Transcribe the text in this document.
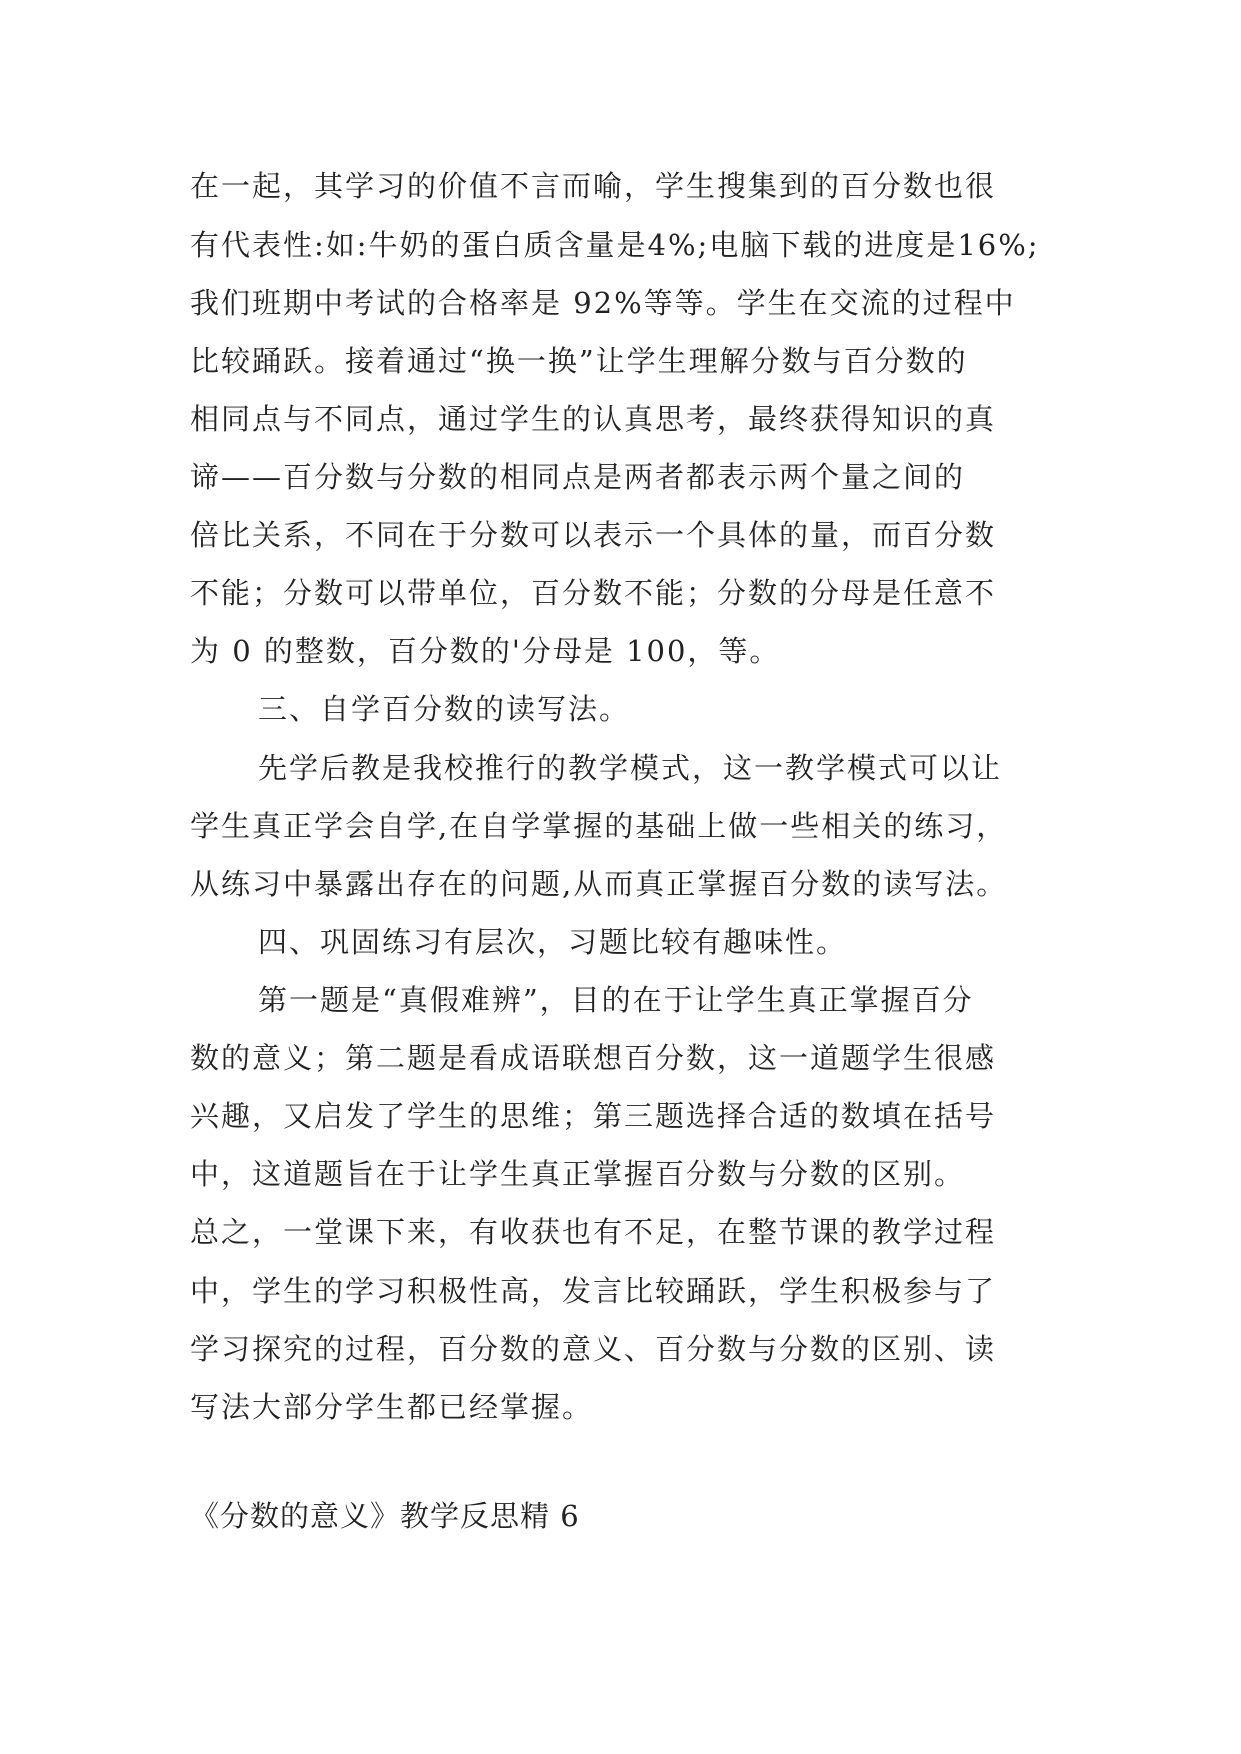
在一起，其学习的价值不言而喻，学生搜集到的百分数也很
有代表性:如:牛奶的蛋白质含量是4%;电脑下载的进度是16%;
我们班期中考试的合格率是 92%等等。学生在交流的过程中
比较踊跃。接着通过“换一换”让学生理解分数与百分数的
相同点与不同点，通过学生的认真思考，最终获得知识的真
谛——百分数与分数的相同点是两者都表示两个量之间的
倍比关系，不同在于分数可以表示一个具体的量，而百分数
不能；分数可以带单位，百分数不能；分数的分母是任意不
为 0 的整数，百分数的'分母是 100，等。
三、自学百分数的读写法。
先学后教是我校推行的教学模式，这一教学模式可以让
学生真正学会自学,在自学掌握的基础上做一些相关的练习，
从练习中暴露出存在的问题,从而真正掌握百分数的读写法。
四、巩固练习有层次，习题比较有趣味性。
第一题是“真假难辨”，目的在于让学生真正掌握百分
数的意义；第二题是看成语联想百分数，这一道题学生很感
兴趣，又启发了学生的思维；第三题选择合适的数填在括号
中，这道题旨在于让学生真正掌握百分数与分数的区别。
总之，一堂课下来，有收获也有不足，在整节课的教学过程
中，学生的学习积极性高，发言比较踊跃，学生积极参与了
学习探究的过程，百分数的意义、百分数与分数的区别、读
写法大部分学生都已经掌握。
《分数的意义》教学反思精 6
